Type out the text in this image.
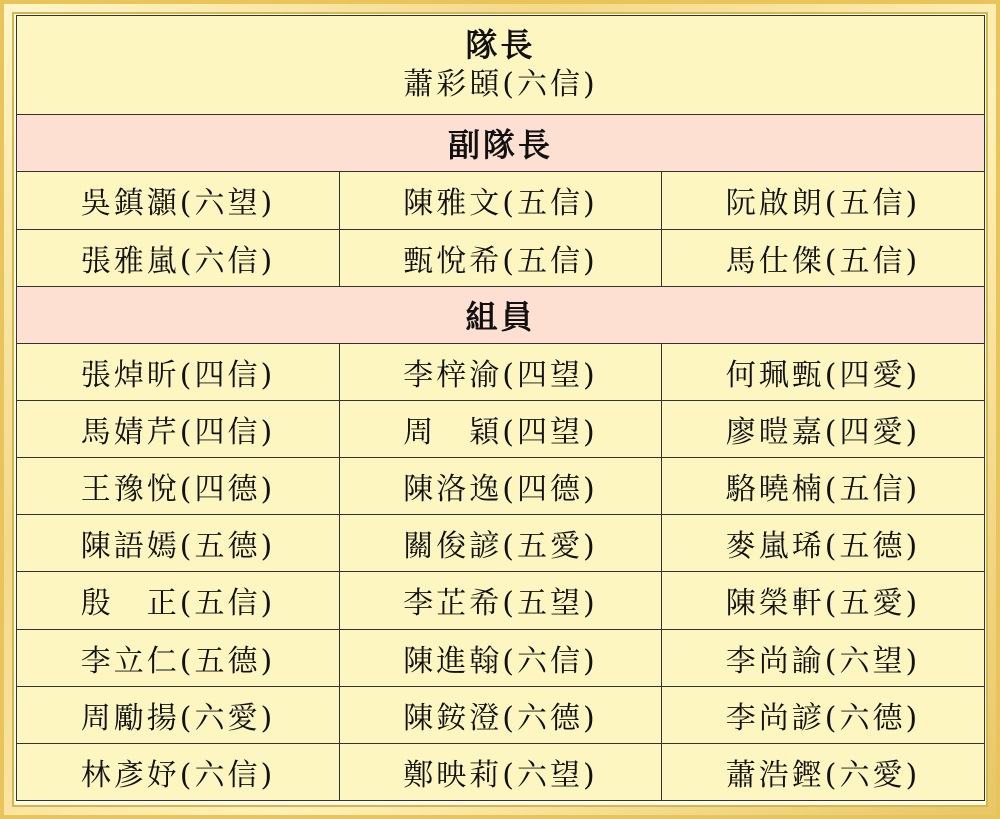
隊長
蕭彩頣(六信)		

副隊長		
吳鎮灝(六望)	陳雅文(五信)	阮啟朗(五信)
張雅嵐(六信)	甄悅希(五信)	馬仕傑(五信)
組員		
張焯昕(四信)	李梓渝(四望)	何珮甄(四愛)
馬婧芹(四信)	周　穎(四望)	廖暟嘉(四愛)
王豫悅(四德)	陳洛逸(四德)	駱曉楠(五信)
陳語嫣(五德)	關俊諺(五愛)	麥嵐琋(五德)
殷　正(五信)	李芷希(五望)	陳榮軒(五愛)
李立仁(五德)	陳進翰(六信)	李尚諭(六望)
周勵揚(六愛)	陳銨澄(六德)	李尚諺(六德)
林彥妤(六信)	鄭映莉(六望)	蕭浩鏗(六愛)
